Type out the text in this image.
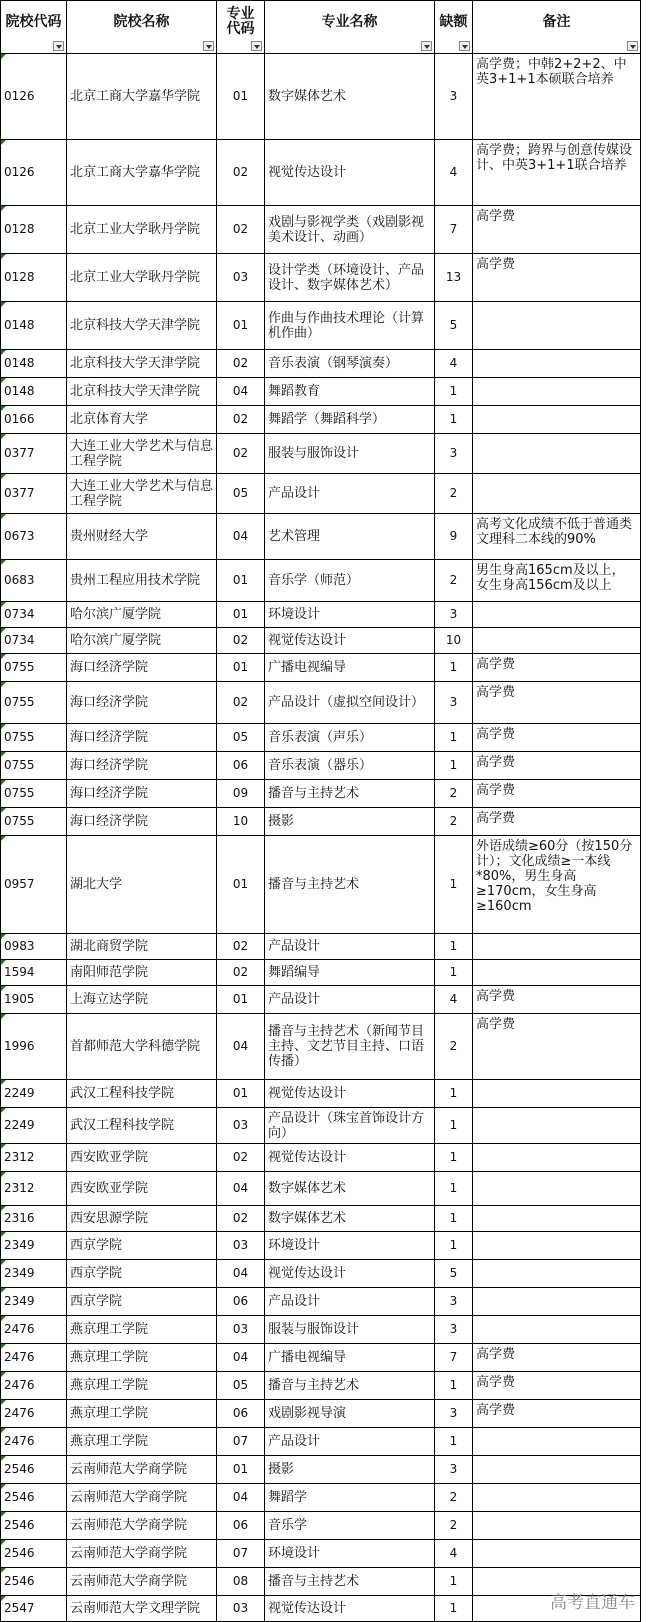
院校代码	院校名称	专业代码	专业名称	缺额	备注

0126	北京工商大学嘉华学院	01	数字媒体艺术	3	高学费；中韩2+2+2、中英3+1+1本硕联合培养
0126	北京工商大学嘉华学院	02	视觉传达设计	4	高学费；跨界与创意传媒设计、中英3+1+1联合培养
0128	北京工业大学耿丹学院	02	戏剧与影视学类（戏剧影视美术设计、动画）	7	高学费
0128	北京工业大学耿丹学院	03	设计学类（环境设计、产品设计、数字媒体艺术）	13	高学费
0148	北京科技大学天津学院	01	作曲与作曲技术理论（计算机作曲）	5	
0148	北京科技大学天津学院	02	音乐表演（钢琴演奏）	4	
0148	北京科技大学天津学院	04	舞蹈教育	1	
0166	北京体育大学	02	舞蹈学（舞蹈科学）	1	
0377	大连工业大学艺术与信息工程学院	02	服装与服饰设计	3	
0377	大连工业大学艺术与信息工程学院	05	产品设计	2	
0673	贵州财经大学	04	艺术管理	9	高考文化成绩不低于普通类文理科二本线的90%
0683	贵州工程应用技术学院	01	音乐学（师范）	2	男生身高165cm及以上，女生身高156cm及以上
0734	哈尔滨广厦学院	01	环境设计	3	
0734	哈尔滨广厦学院	02	视觉传达设计	10	
0755	海口经济学院	01	广播电视编导	1	高学费
0755	海口经济学院	02	产品设计（虚拟空间设计）	3	高学费
0755	海口经济学院	05	音乐表演（声乐）	1	高学费
0755	海口经济学院	06	音乐表演（器乐）	1	高学费
0755	海口经济学院	09	播音与主持艺术	2	高学费
0755	海口经济学院	10	摄影	2	高学费
0957	湖北大学	01	播音与主持艺术	1	外语成绩≥60分（按150分计）；文化成绩≥一本线*80%，男生身高≥170cm，女生身高≥160cm
0983	湖北商贸学院	02	产品设计	1	
1594	南阳师范学院	02	舞蹈编导	1	
1905	上海立达学院	01	产品设计	4	高学费
1996	首都师范大学科德学院	04	播音与主持艺术（新闻节目主持、文艺节目主持、口语传播）	2	高学费
2249	武汉工程科技学院	01	视觉传达设计	1	
2249	武汉工程科技学院	03	产品设计（珠宝首饰设计方向）	1	
2312	西安欧亚学院	02	视觉传达设计	1	
2312	西安欧亚学院	04	数字媒体艺术	1	
2316	西安思源学院	02	数字媒体艺术	1	
2349	西京学院	03	环境设计	1	
2349	西京学院	04	视觉传达设计	5	
2349	西京学院	06	产品设计	3	
2476	燕京理工学院	03	服装与服饰设计	3	
2476	燕京理工学院	04	广播电视编导	7	高学费
2476	燕京理工学院	05	播音与主持艺术	1	高学费
2476	燕京理工学院	06	戏剧影视导演	3	高学费
2476	燕京理工学院	07	产品设计	1	
2546	云南师范大学商学院	01	摄影	3	
2546	云南师范大学商学院	04	舞蹈学	2	
2546	云南师范大学商学院	06	音乐学	2	
2546	云南师范大学商学院	07	环境设计	4	
2546	云南师范大学商学院	08	播音与主持艺术	1	
2547	云南师范大学文理学院	03	视觉传达设计	1		高考直通车
